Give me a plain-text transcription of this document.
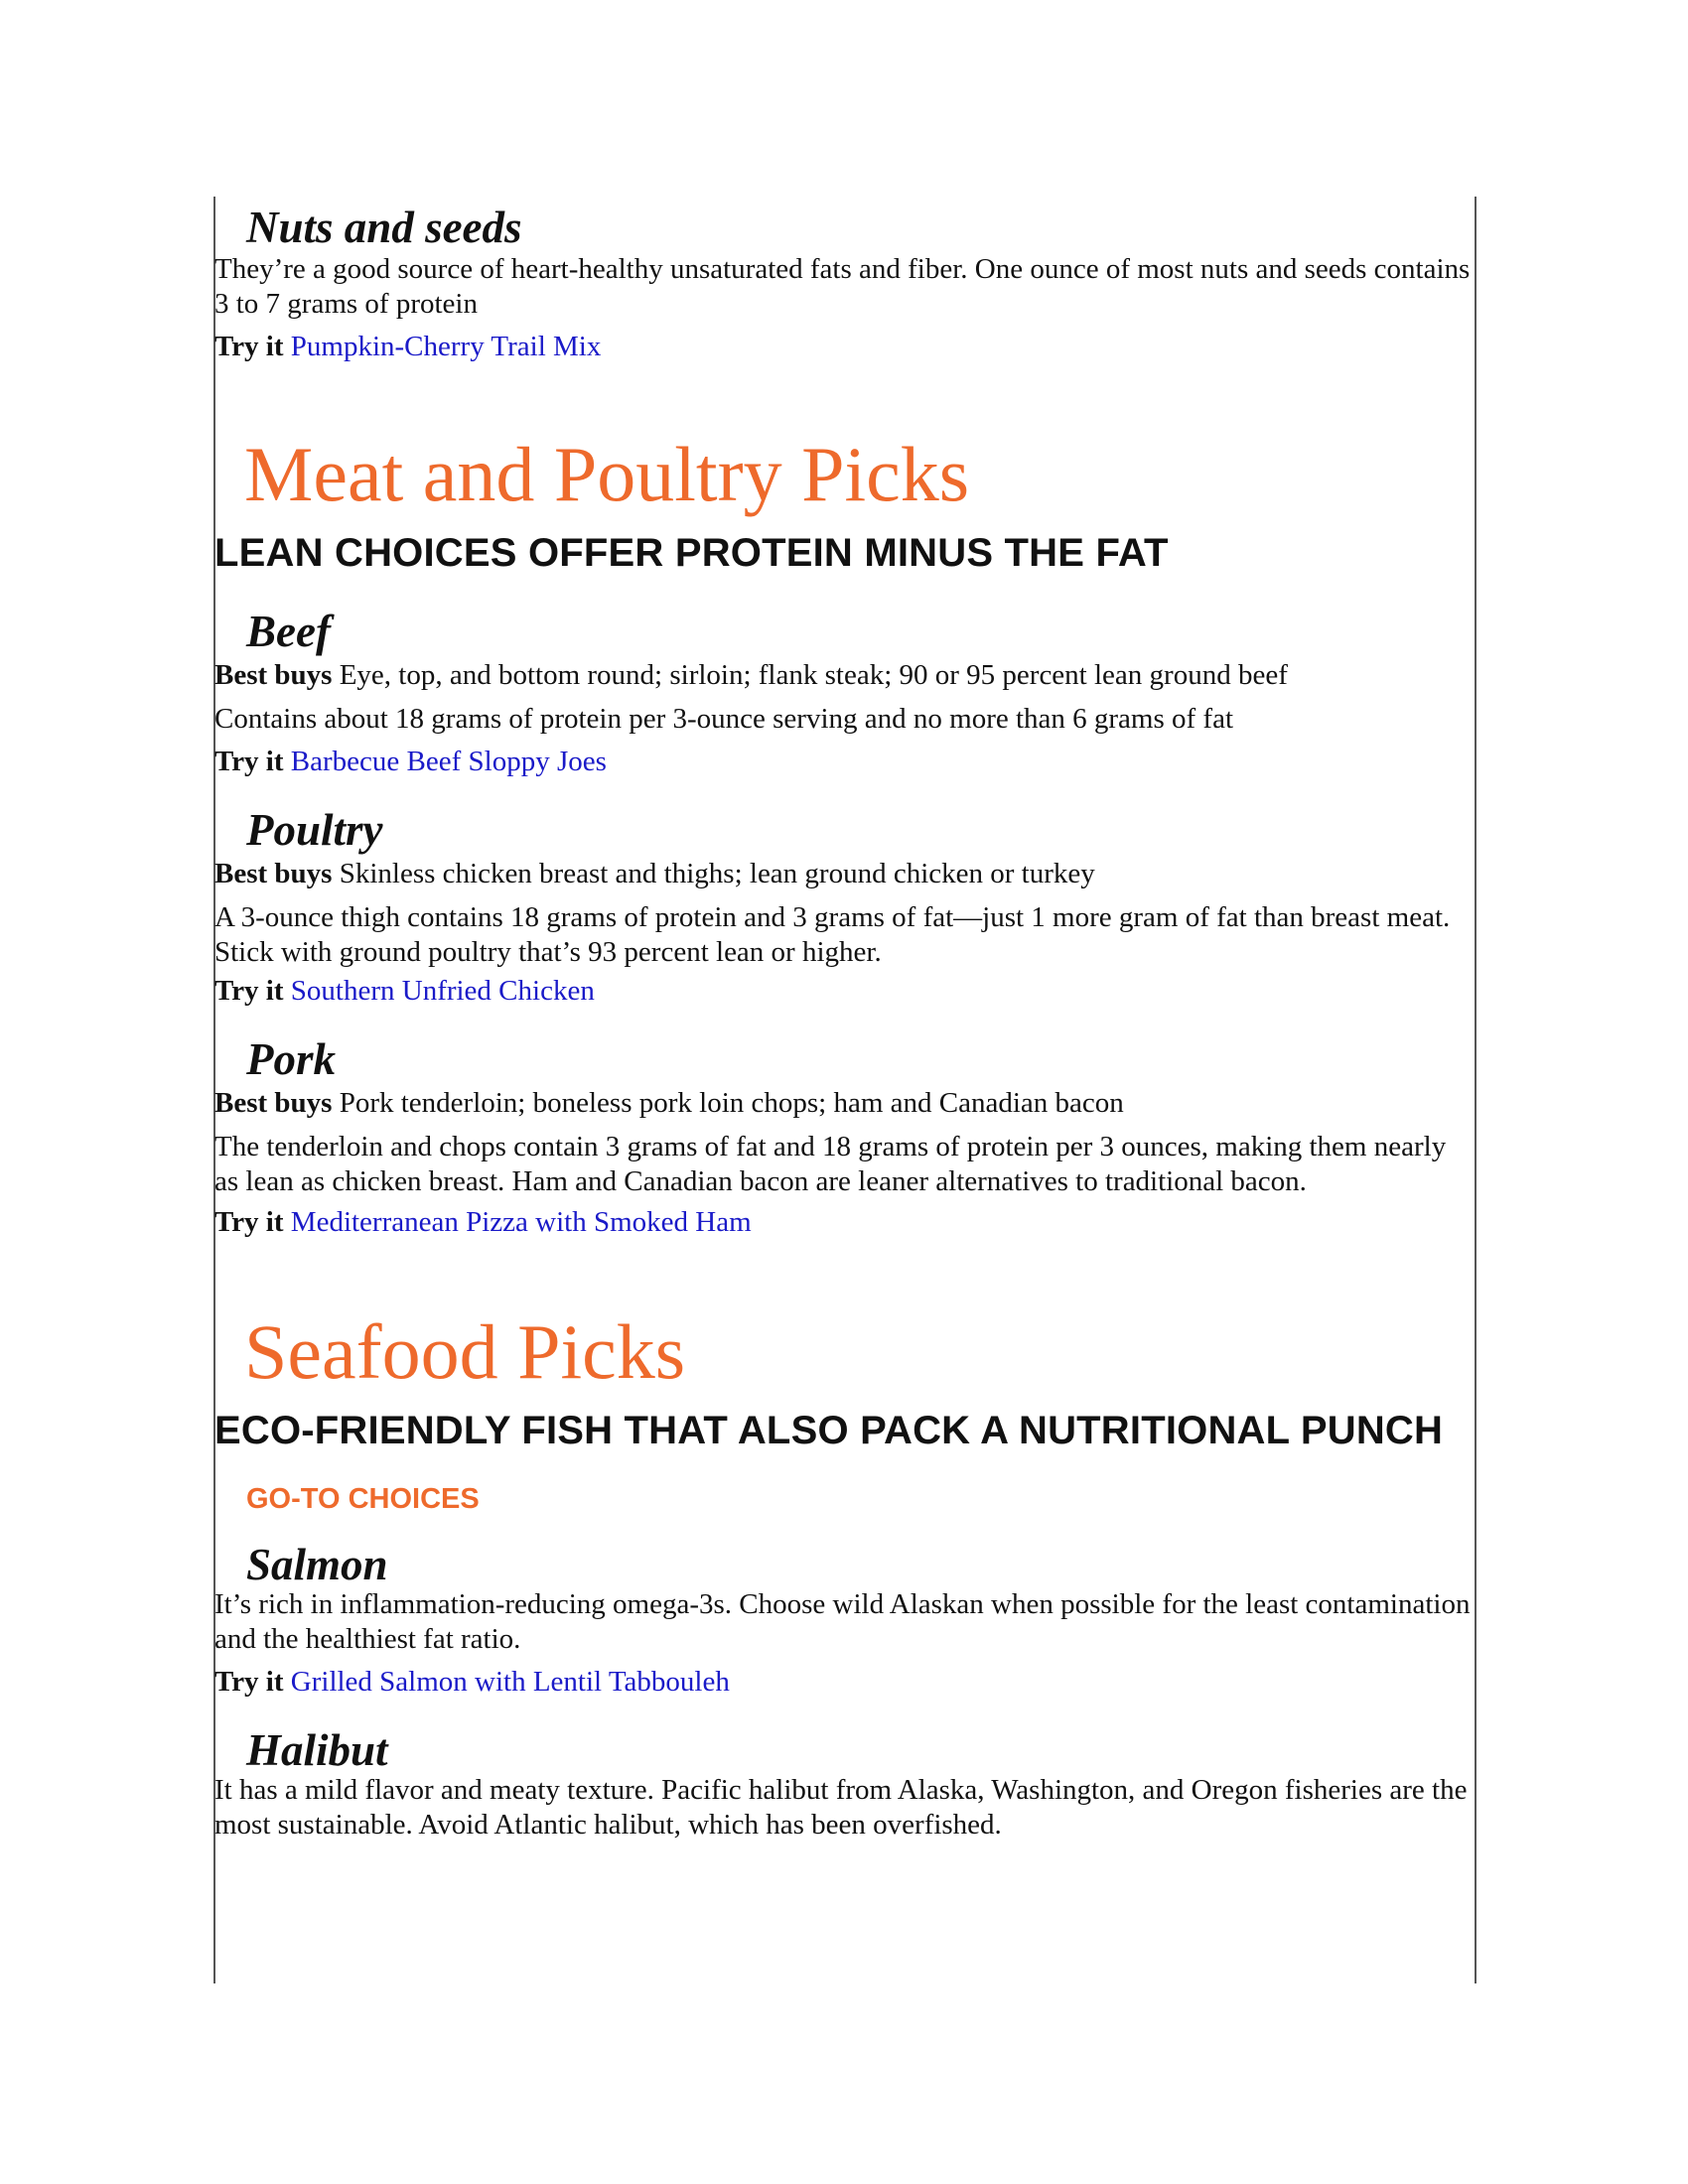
Nuts and seeds

They’re a good source of heart-healthy unsaturated fats and fiber. One ounce of most nuts and seeds contains 3 to 7 grams of protein

Try it Pumpkin-Cherry Trail Mix

Meat and Poultry Picks
LEAN CHOICES OFFER PROTEIN MINUS THE FAT
Beef

Best buys Eye, top, and bottom round; sirloin; flank steak; 90 or 95 percent lean ground beef

Contains about 18 grams of protein per 3-ounce serving and no more than 6 grams of fat

Try it Barbecue Beef Sloppy Joes

Poultry

Best buys Skinless chicken breast and thighs; lean ground chicken or turkey

A 3-ounce thigh contains 18 grams of protein and 3 grams of fat—just 1 more gram of fat than breast meat. Stick with ground poultry that’s 93 percent lean or higher.

Try it Southern Unfried Chicken

Pork

Best buys Pork tenderloin; boneless pork loin chops; ham and Canadian bacon

The tenderloin and chops contain 3 grams of fat and 18 grams of protein per 3 ounces, making them nearly as lean as chicken breast. Ham and Canadian bacon are leaner alternatives to traditional bacon.

Try it Mediterranean Pizza with Smoked Ham

Seafood Picks
ECO-FRIENDLY FISH THAT ALSO PACK A NUTRITIONAL PUNCH
GO-TO CHOICES
Salmon

It’s rich in inflammation-reducing omega-3s. Choose wild Alaskan when possible for the least contamination and the healthiest fat ratio.

Try it Grilled Salmon with Lentil Tabbouleh

Halibut

It has a mild flavor and meaty texture. Pacific halibut from Alaska, Washington, and Oregon fisheries are the most sustainable. Avoid Atlantic halibut, which has been overfished.
